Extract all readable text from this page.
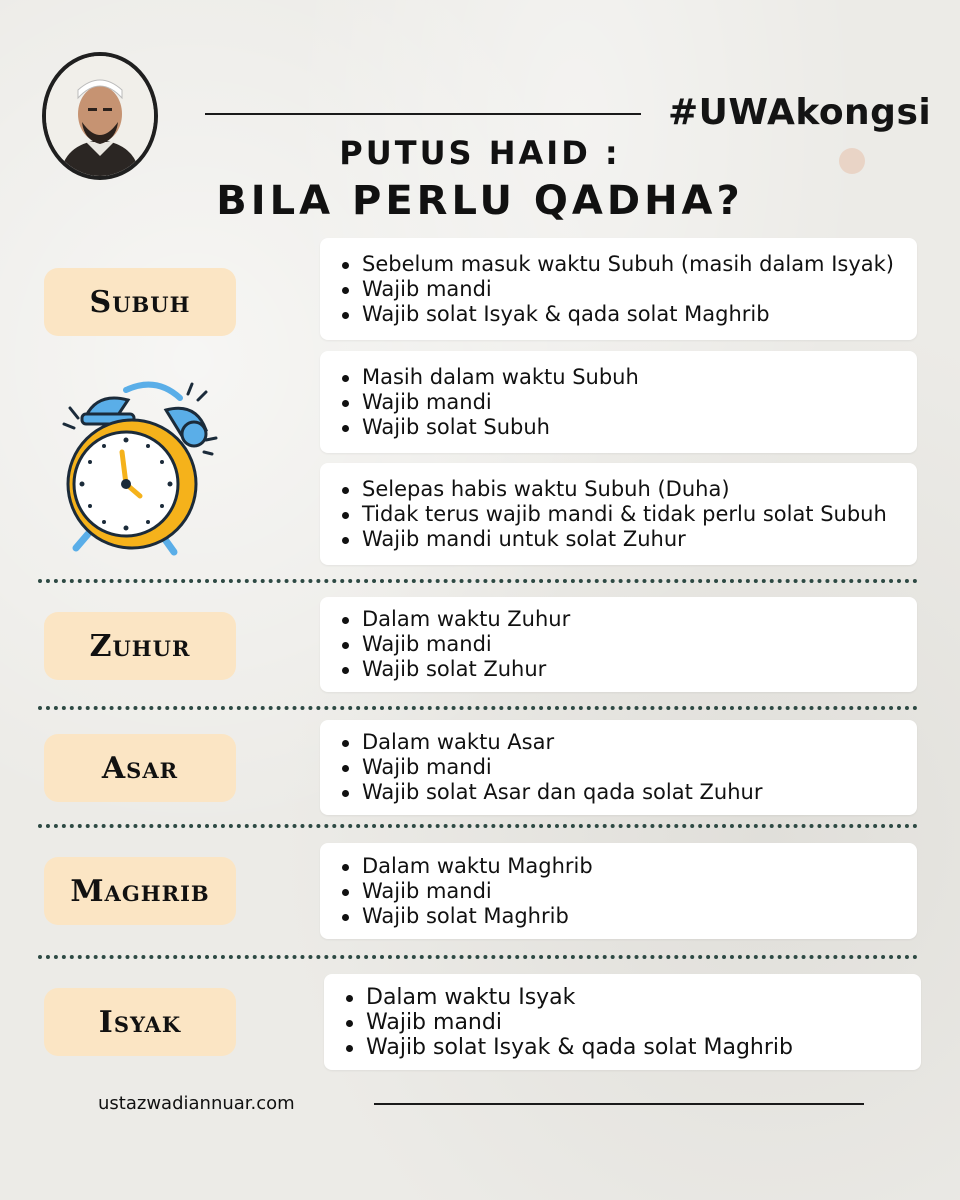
#UWAkongsi
PUTUS HAID :
BILA PERLU QADHA?
Subuh
Sebelum masuk waktu Subuh (masih dalam Isyak)
Wajib mandi
Wajib solat Isyak & qada solat Maghrib
Masih dalam waktu Subuh
Wajib mandi
Wajib solat Subuh
Selepas habis waktu Subuh (Duha)
Tidak terus wajib mandi & tidak perlu solat Subuh
Wajib mandi untuk solat Zuhur
Zuhur
Dalam waktu Zuhur
Wajib mandi
Wajib solat Zuhur
Asar
Dalam waktu Asar
Wajib mandi
Wajib solat Asar dan qada solat Zuhur
Maghrib
Dalam waktu Maghrib
Wajib mandi
Wajib solat Maghrib
Isyak
Dalam waktu Isyak
Wajib mandi
Wajib solat Isyak & qada solat Maghrib
ustazwadiannuar.com
